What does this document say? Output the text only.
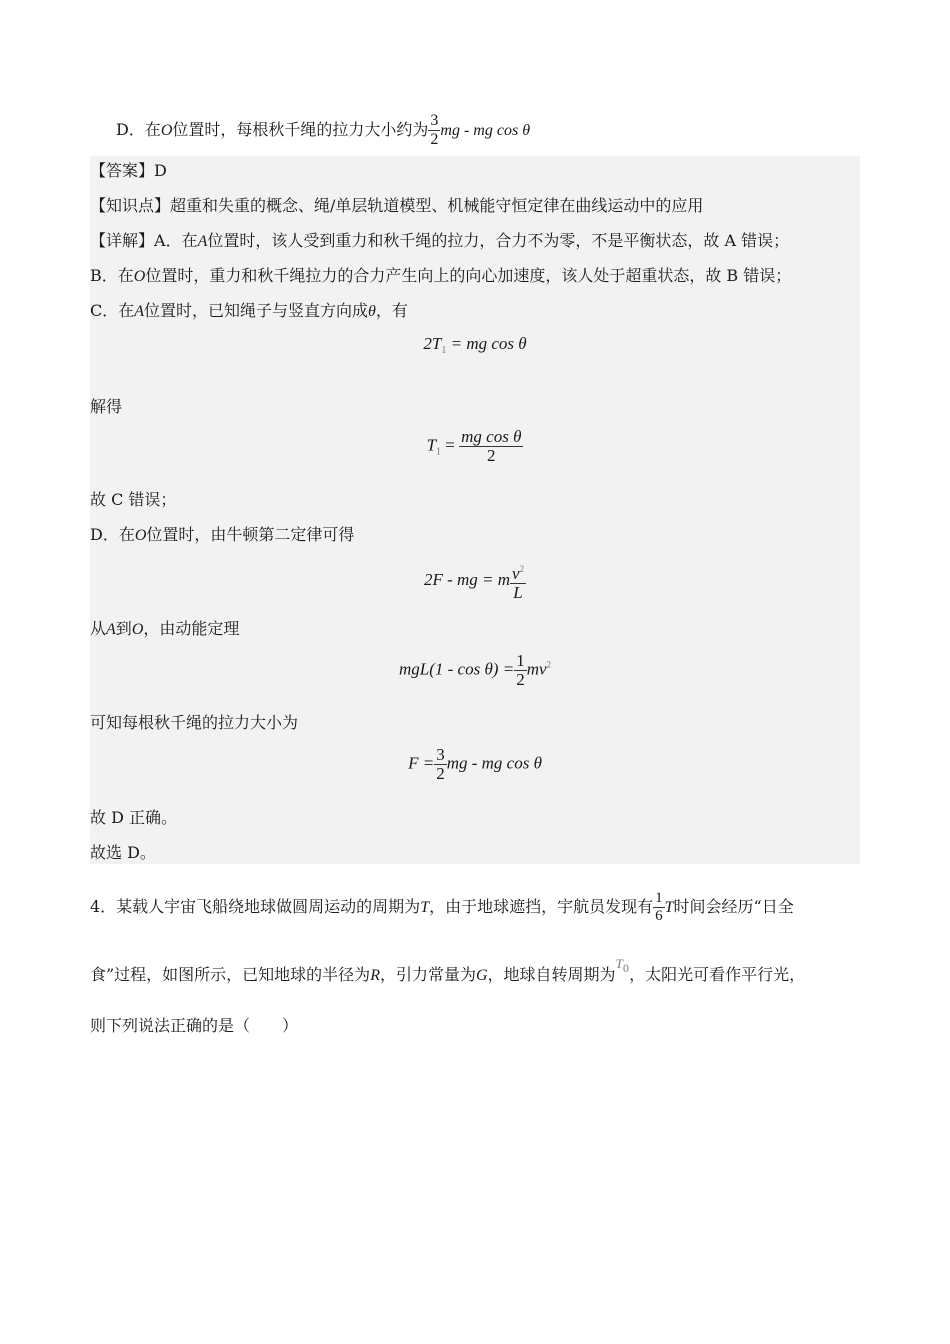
D．在O位置时，每根秋千绳的拉力大小约为 $\frac{3}{2}$ mg - mg cos θ
【答案】D
【知识点】超重和失重的概念、绳/单层轨道模型、机械能守恒定律在曲线运动中的应用
【详解】A．在A位置时，该人受到重力和秋千绳的拉力，合力不为零，不是平衡状态，故 A 错误；
B．在O位置时，重力和秋千绳拉力的合力产生向上的向心加速度，该人处于超重状态，故 B 错误；
C．在A位置时，已知绳子与竖直方向成θ，有
$2T_1$ = mg cos θ
解得
$T_1 = \frac{\text{mg cos θ}}{2}$
故 C 错误；
D．在O位置时，由牛顿第二定律可得
2F - mg = m $\frac{v^2}{L}$
从A到O，由动能定理
$mgL(1 - \cos \theta) = \frac{1}{2} mv^2$
可知每根秋千绳的拉力大小为
$F = \frac{3}{2}$ mg - mg cos θ
故 D 正确。
故选 D。
4．某载人宇宙飞船绕地球做圆周运动的周期为T，由于地球遮挡，宇航员发现有 $\frac{1}{6}$ T时间会经历“日全
食”过程，如图所示，已知地球的半径为R，引力常量为G，地球自转周期为$T_0$，太阳光可看作平行光，
则下列说法正确的是（　　）
